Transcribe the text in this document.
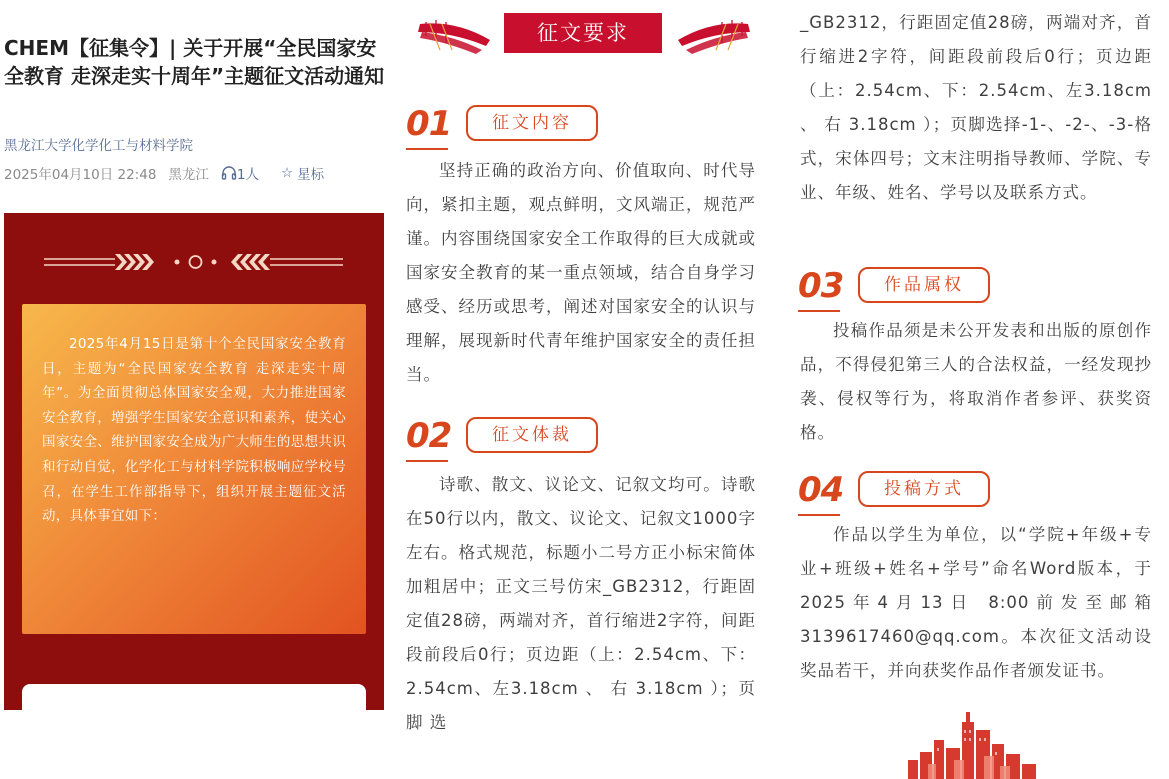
CHEM【征集令】| 关于开展“全民国家安全教育 走深走实十周年”主题征文活动通知
黑龙江大学化学化工与材料学院
2025年04月10日 22:48 黑龙江 1人 ☆ 星标

2025年4月15日是第十个全民国家安全教育日，主题为“全民国家安全教育 走深走实十周年”。为全面贯彻总体国家安全观，大力推进国家安全教育，增强学生国家安全意识和素养，使关心国家安全、维护国家安全成为广大师生的思想共识和行动自觉，化学化工与材料学院积极响应学校号召，在学生工作部指导下，组织开展主题征文活动，具体事宜如下：

征文要求
01	征文内容

坚持正确的政治方向、价值取向、时代导向，紧扣主题，观点鲜明，文风端正，规范严谨。内容围绕国家安全工作取得的巨大成就或国家安全教育的某一重点领域，结合自身学习感受、经历或思考，阐述对国家安全的认识与理解，展现新时代青年维护国家安全的责任担当。

02	征文体裁

诗歌、散文、议论文、记叙文均可。诗歌在50行以内，散文、议论文、记叙文1000字左右。格式规范，标题小二号方正小标宋简体加粗居中；正文三号仿宋_GB2312，行距固定值28磅，两端对齐，首行缩进2字符，间距段前段后0行；页边距（上：2.54cm、下：2.54cm、左3.18cm 、 右 3.18cm ）；页 脚 选

_GB2312，行距固定值28磅，两端对齐，首行缩进2字符，间距段前段后0行；页边距（上：2.54cm、下：2.54cm、左3.18cm 、 右 3.18cm ）；页脚选择-1-、-2-、-3-格式，宋体四号；文末注明指导教师、学院、专业、年级、姓名、学号以及联系方式。

03	作品属权

投稿作品须是未公开发表和出版的原创作品，不得侵犯第三人的合法权益，一经发现抄袭、侵权等行为，将取消作者参评、获奖资格。

04	投稿方式

作品以学生为单位，以“学院+年级+专业+班级+姓名+学号”命名Word版本，于 2025年4月13日 8:00前发至邮箱3139617460@qq.com。本次征文活动设奖品若干，并向获奖作品作者颁发证书。
